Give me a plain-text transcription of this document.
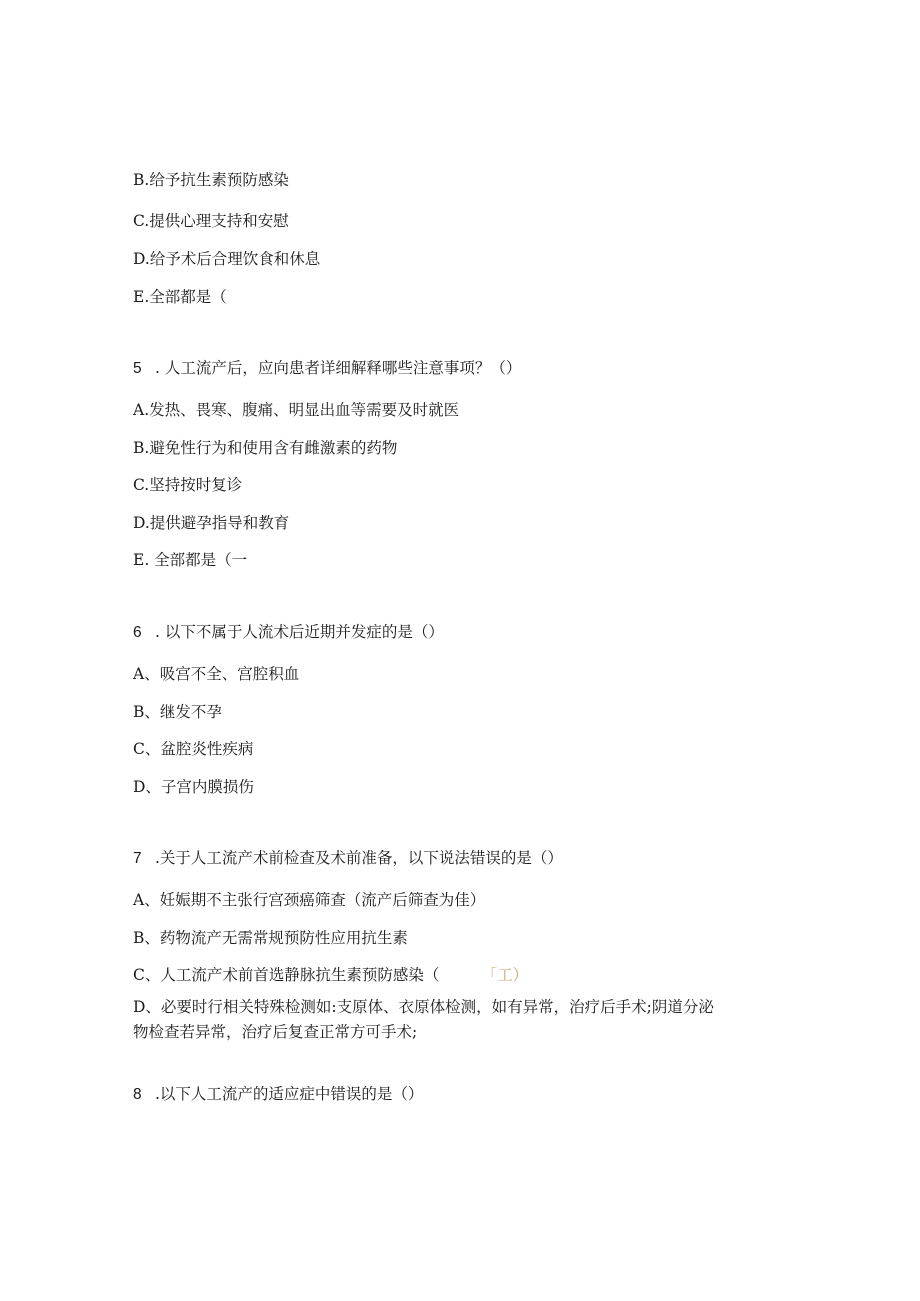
B.给予抗生素预防感染
C.提供心理支持和安慰
D.给予术后合理饮食和休息
E.全部都是（
5 . 人工流产后，应向患者详细解释哪些注意事项？（）
A.发热、畏寒、腹痛、明显出血等需要及时就医
B.避免性行为和使用含有雌激素的药物
C.坚持按时复诊
D.提供避孕指导和教育
E. 全部都是（一
6 . 以下不属于人流术后近期并发症的是（）
A、吸宫不全、宫腔积血
B、继发不孕
C、盆腔炎性疾病
D、子宫内膜损伤
7 .关于人工流产术前检查及术前准备，以下说法错误的是（）
A、妊娠期不主张行宫颈癌筛查（流产后筛查为佳）
B、药物流产无需常规预防性应用抗生素
C、人工流产术前首选静脉抗生素预防感染（	「工）
D、必要时行相关特殊检测如:支原体、衣原体检测，如有异常，治疗后手术;阴道分泌
物检查若异常，治疗后复查正常方可手术;
8 .以下人工流产的适应症中错误的是（）
